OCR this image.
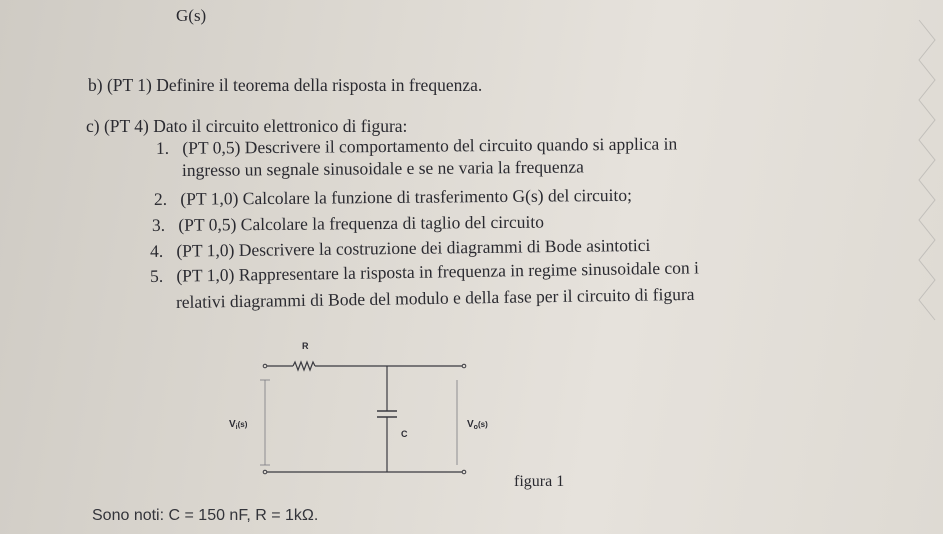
G(s)
b) (PT 1) Definire il teorema della risposta in frequenza.
c) (PT 4) Dato il circuito elettronico di figura:
1. (PT 0,5) Descrivere il comportamento del circuito quando si applica in
ingresso un segnale sinusoidale e se ne varia la frequenza
2. (PT 1,0) Calcolare la funzione di trasferimento G(s) del circuito;
3. (PT 0,5) Calcolare la frequenza di taglio del circuito
4. (PT 1,0) Descrivere la costruzione dei diagrammi di Bode asintotici
5. (PT 1,0) Rappresentare la risposta in frequenza in regime sinusoidale con i
relativi diagrammi di Bode del modulo e della fase per il circuito di figura
R
C
$V_i^{(s)}$	$V_o^{(s)}$
figura 1
Sono noti: C = 150 nF, R = 1kΩ.
